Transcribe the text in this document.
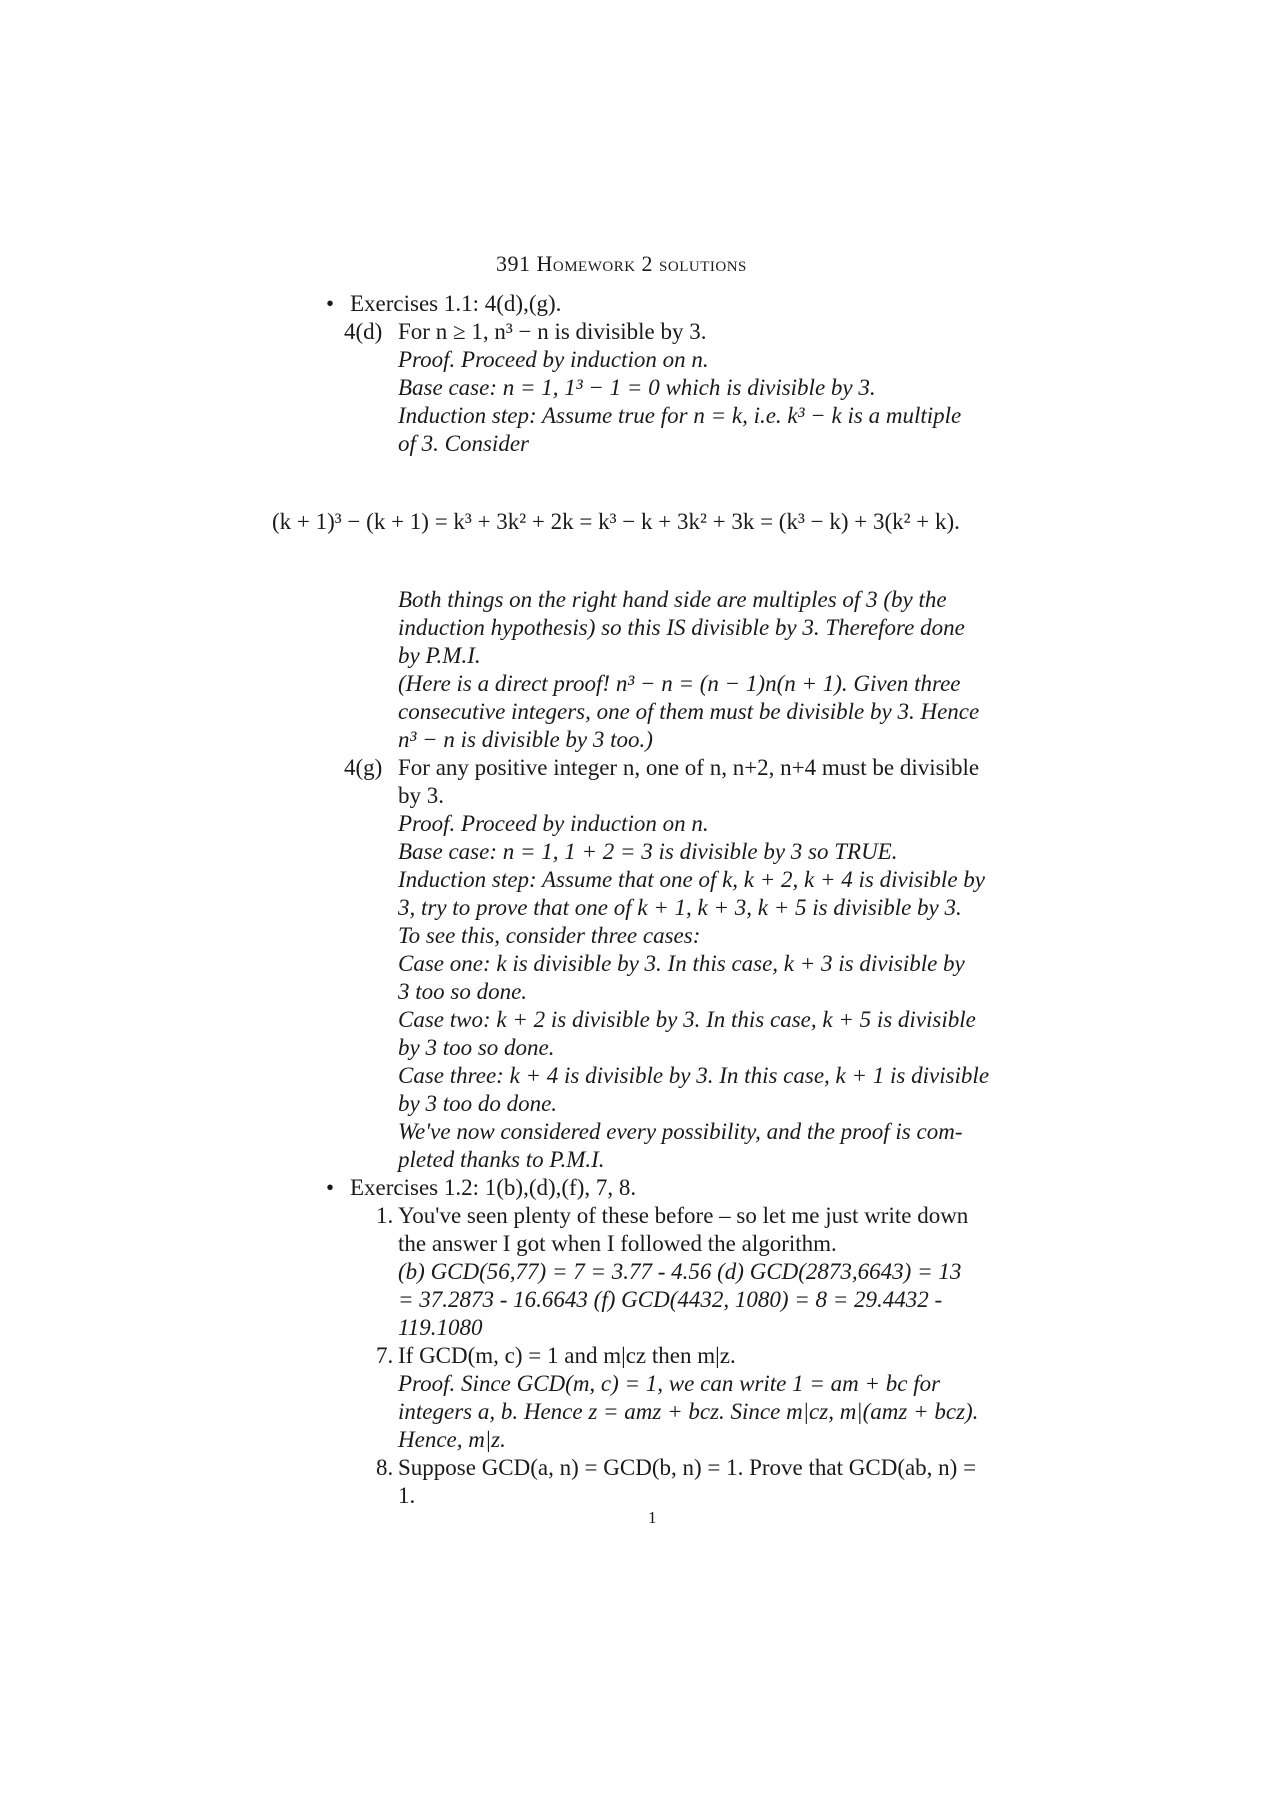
391 Homework 2 solutions
• Exercises 1.1: 4(d),(g).
4(d) For n ≥ 1, n³ − n is divisible by 3.
Proof. Proceed by induction on n.
Base case: n = 1, 1³ − 1 = 0 which is divisible by 3.
Induction step: Assume true for n = k, i.e. k³ − k is a multiple
of 3. Consider
(k + 1)³ − (k + 1) = k³ + 3k² + 2k = k³ − k + 3k² + 3k = (k³ − k) + 3(k² + k).
Both things on the right hand side are multiples of 3 (by the
induction hypothesis) so this IS divisible by 3. Therefore done
by P.M.I.
(Here is a direct proof! n³ − n = (n − 1)n(n + 1). Given three
consecutive integers, one of them must be divisible by 3. Hence
n³ − n is divisible by 3 too.)
4(g) For any positive integer n, one of n, n+2, n+4 must be divisible
by 3.
Proof. Proceed by induction on n.
Base case: n = 1, 1 + 2 = 3 is divisible by 3 so TRUE.
Induction step: Assume that one of k, k + 2, k + 4 is divisible by
3, try to prove that one of k + 1, k + 3, k + 5 is divisible by 3.
To see this, consider three cases:
Case one: k is divisible by 3. In this case, k + 3 is divisible by
3 too so done.
Case two: k + 2 is divisible by 3. In this case, k + 5 is divisible
by 3 too so done.
Case three: k + 4 is divisible by 3. In this case, k + 1 is divisible
by 3 too do done.
We've now considered every possibility, and the proof is com-
pleted thanks to P.M.I.
• Exercises 1.2: 1(b),(d),(f), 7, 8.
1. You've seen plenty of these before – so let me just write down
the answer I got when I followed the algorithm.
(b) GCD(56,77) = 7 = 3.77 - 4.56 (d) GCD(2873,6643) = 13
= 37.2873 - 16.6643 (f) GCD(4432, 1080) = 8 = 29.4432 -
119.1080
7. If GCD(m, c) = 1 and m|cz then m|z.
Proof. Since GCD(m, c) = 1, we can write 1 = am + bc for
integers a, b. Hence z = amz + bcz. Since m|cz, m|(amz + bcz).
Hence, m|z.
8. Suppose GCD(a, n) = GCD(b, n) = 1. Prove that GCD(ab, n) =
1.
1
